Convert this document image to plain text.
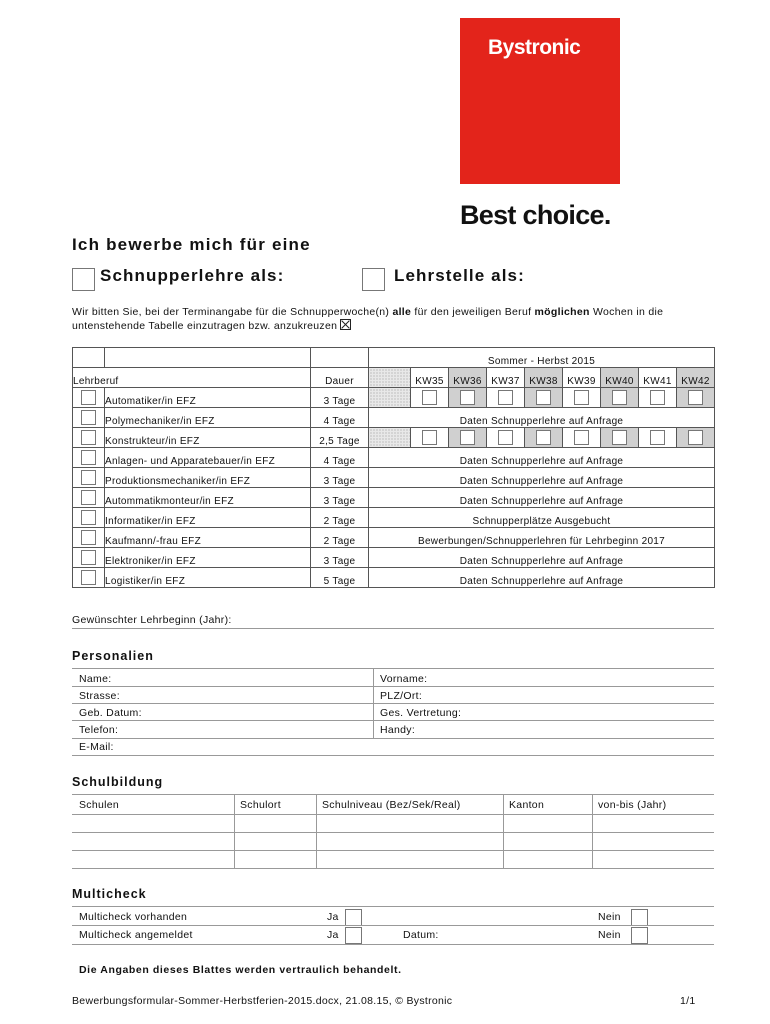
Bystronic
Best choice.
Ich bewerbe mich für eine
Schnupperlehre als:	Lehrstelle als:
Wir bitten Sie, bei der Terminangabe für die Schnupperwoche(n) alle für den jeweiligen Beruf möglichen Wochen in die untenstehende Tabelle einzutragen bzw. anzukreuzen
			Sommer - Herbst 2015								
Lehrberuf		Dauer		KW35	KW36	KW37	KW38	KW39	KW40	KW41	KW42
	Automatiker/in EFZ	3 Tage									
	Polymechaniker/in EFZ	4 Tage	Daten Schnupperlehre auf Anfrage								
	Konstrukteur/in EFZ	2,5 Tage									
	Anlagen- und Apparatebauer/in EFZ	4 Tage	Daten Schnupperlehre auf Anfrage								
	Produktionsmechaniker/in EFZ	3 Tage	Daten Schnupperlehre auf Anfrage								
	Autommatikmonteur/in EFZ	3 Tage	Daten Schnupperlehre auf Anfrage								
	Informatiker/in EFZ	2 Tage	Schnupperplätze Ausgebucht								
	Kaufmann/-frau EFZ	2 Tage	Bewerbungen/Schnupperlehren für Lehrbeginn 2017								
	Elektroniker/in EFZ	3 Tage	Daten Schnupperlehre auf Anfrage								
	Logistiker/in EFZ	5 Tage	Daten Schnupperlehre auf Anfrage								
Gewünschter Lehrbeginn (Jahr):
Personalien
Name:	Vorname:
Strasse:	PLZ/Ort:
Geb. Datum:	Ges. Vertretung:
Telefon:	Handy:
E-Mail:
Schulbildung
Schulen	Schulort	Schulniveau (Bez/Sek/Real)	Kanton	von-bis (Jahr)
Multicheck
Multicheck vorhanden	Ja	Nein
Multicheck angemeldet	Ja	Datum:	Nein
Die Angaben dieses Blattes werden vertraulich behandelt.
Bewerbungsformular-Sommer-Herbstferien-2015.docx, 21.08.15, © Bystronic	1/1
